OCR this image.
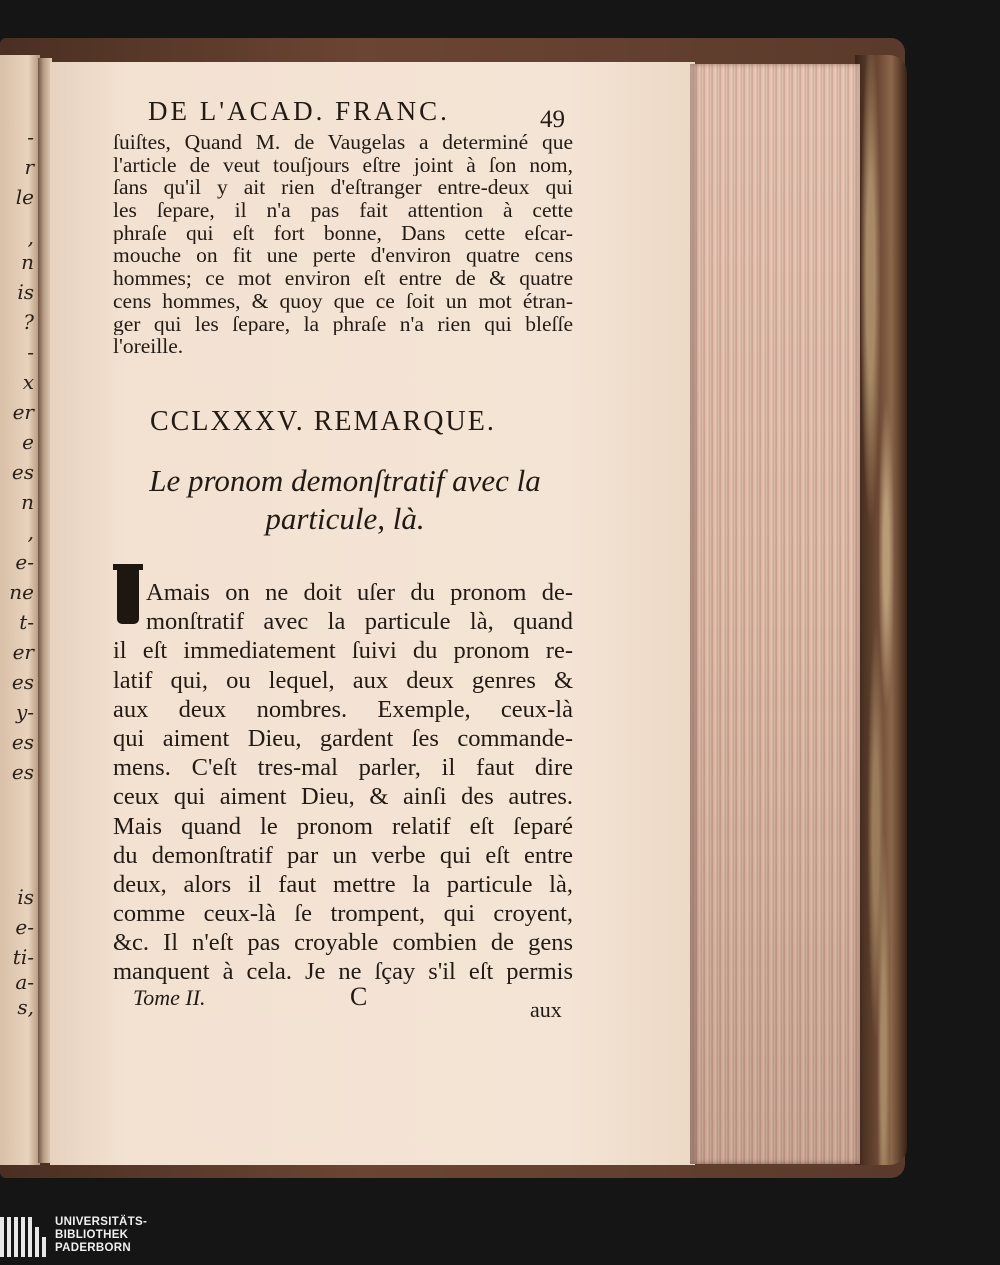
-
r
le
,
n
is
?
-
x
er
e
es
n
,
e-
ne
t-
er
es
y-
es
es
is
e-
ti-
a-
s,
DE L'ACAD. FRANC.	49
ſuiſtes, Quand M. de Vaugelas a determiné que
l'article de veut touſjours eſtre joint à ſon nom,
ſans qu'il y ait rien d'eſtranger entre-deux qui
les ſepare, il n'a pas fait attention à cette
phraſe qui eſt fort bonne, Dans cette eſcar-
mouche on fit une perte d'environ quatre cens
hommes; ce mot environ eſt entre de & quatre
cens hommes, & quoy que ce ſoit un mot étran-
ger qui les ſepare, la phraſe n'a rien qui bleſſe
l'oreille.
CCLXXXV. REMARQUE.
Le pronom demonſtratif avec la
particule, là.
Amais on ne doit uſer du pronom de-
monſtratif avec la particule là, quand
il eſt immediatement ſuivi du pronom re-
latif qui, ou lequel, aux deux genres &
aux deux nombres. Exemple, ceux-là
qui aiment Dieu, gardent ſes commande-
mens. C'eſt tres-mal parler, il faut dire
ceux qui aiment Dieu, & ainſi des autres.
Mais quand le pronom relatif eſt ſeparé
du demonſtratif par un verbe qui eſt entre
deux, alors il faut mettre la particule là,
comme ceux-là ſe trompent, qui croyent,
&c. Il n'eſt pas croyable combien de gens
manquent à cela. Je ne ſçay s'il eſt permis
Tome II.	C	aux
UNIVERSITÄTS-
BIBLIOTHEK
PADERBORN
